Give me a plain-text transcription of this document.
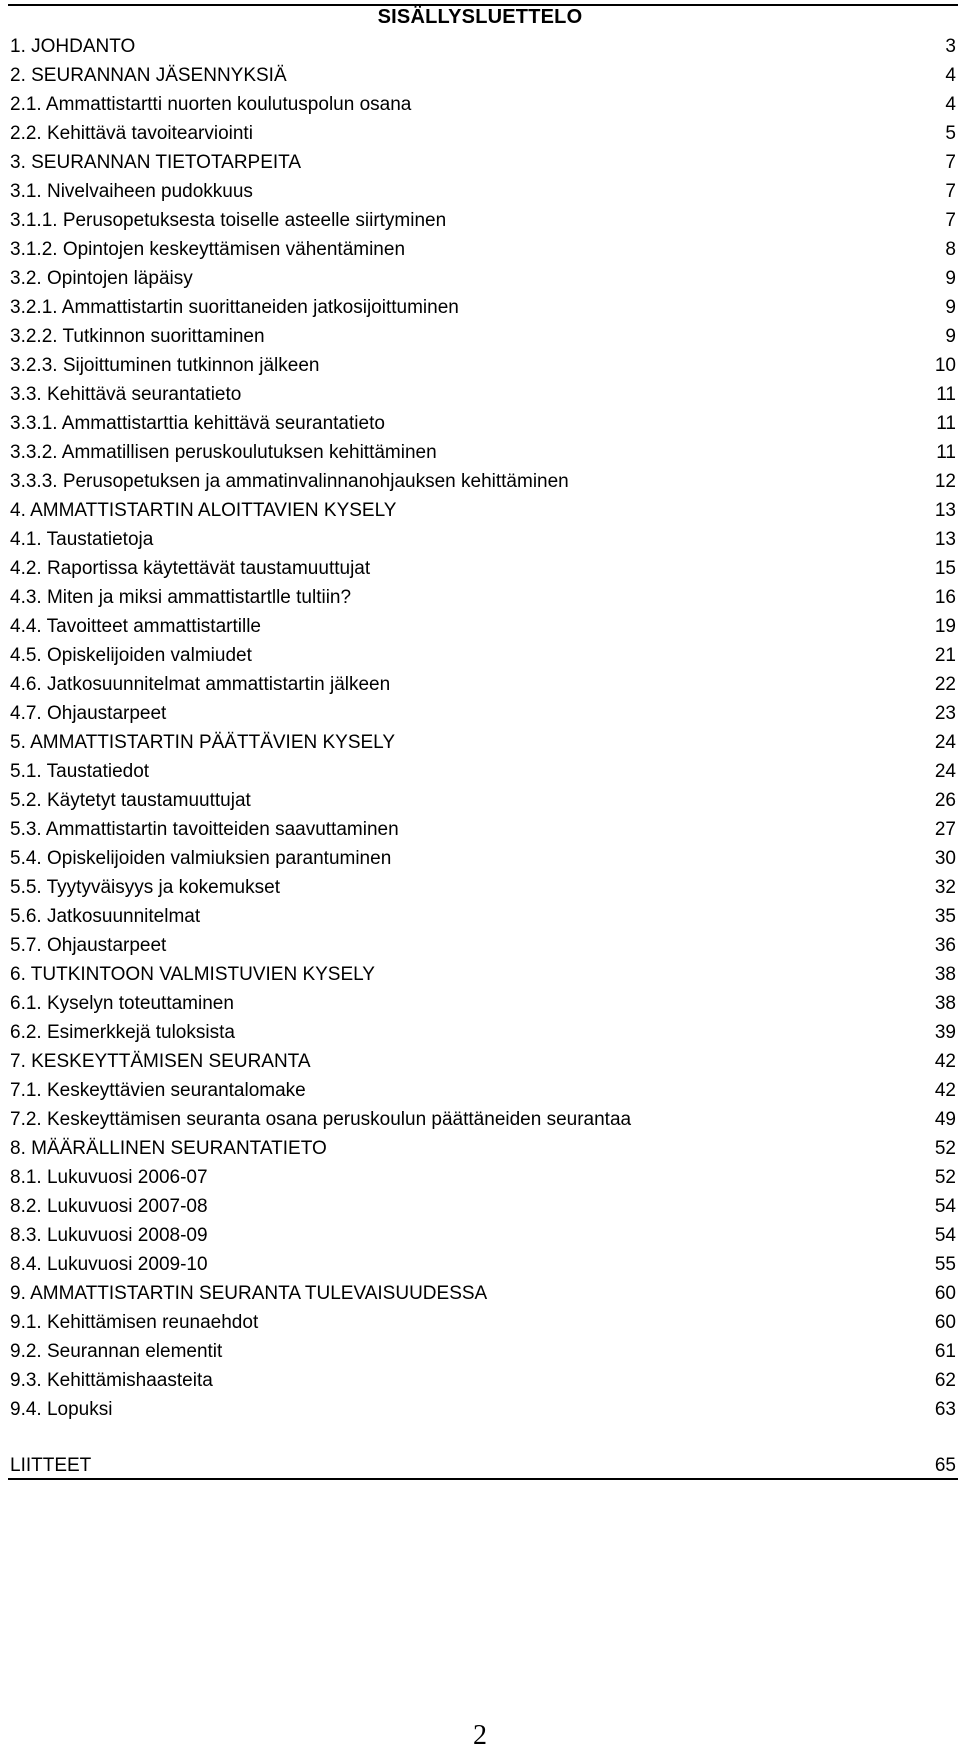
SISÄLLYSLUETTELO
1. JOHDANTO	3
2. SEURANNAN JÄSENNYKSIÄ	4
2.1. Ammattistartti nuorten koulutuspolun osana	4
2.2. Kehittävä tavoitearviointi	5
3. SEURANNAN TIETOTARPEITA	7
3.1. Nivelvaiheen pudokkuus	7
3.1.1. Perusopetuksesta toiselle asteelle siirtyminen	7
3.1.2. Opintojen keskeyttämisen vähentäminen	8
3.2. Opintojen läpäisy	9
3.2.1. Ammattistartin suorittaneiden jatkosijoittuminen	9
3.2.2. Tutkinnon suorittaminen	9
3.2.3. Sijoittuminen tutkinnon jälkeen	10
3.3. Kehittävä seurantatieto	11
3.3.1. Ammattistarttia kehittävä seurantatieto	11
3.3.2. Ammatillisen peruskoulutuksen kehittäminen	11
3.3.3. Perusopetuksen ja ammatinvalinnanohjauksen kehittäminen	12
4. AMMATTISTARTIN ALOITTAVIEN KYSELY	13
4.1. Taustatietoja	13
4.2. Raportissa käytettävät taustamuuttujat	15
4.3. Miten ja miksi ammattistartlle tultiin?	16
4.4. Tavoitteet ammattistartille	19
4.5. Opiskelijoiden valmiudet	21
4.6. Jatkosuunnitelmat ammattistartin jälkeen	22
4.7. Ohjaustarpeet	23
5. AMMATTISTARTIN PÄÄTTÄVIEN KYSELY	24
5.1. Taustatiedot	24
5.2. Käytetyt taustamuuttujat	26
5.3. Ammattistartin tavoitteiden saavuttaminen	27
5.4. Opiskelijoiden valmiuksien parantuminen	30
5.5. Tyytyväisyys ja kokemukset	32
5.6. Jatkosuunnitelmat	35
5.7. Ohjaustarpeet	36
6. TUTKINTOON VALMISTUVIEN KYSELY	38
6.1. Kyselyn toteuttaminen	38
6.2. Esimerkkejä tuloksista	39
7. KESKEYTTÄMISEN SEURANTA	42
7.1. Keskeyttävien seurantalomake	42
7.2. Keskeyttämisen seuranta osana peruskoulun päättäneiden seurantaa	49
8. MÄÄRÄLLINEN SEURANTATIETO	52
8.1. Lukuvuosi 2006-07	52
8.2. Lukuvuosi 2007-08	54
8.3. Lukuvuosi 2008-09	54
8.4. Lukuvuosi 2009-10	55
9. AMMATTISTARTIN SEURANTA TULEVAISUUDESSA	60
9.1. Kehittämisen reunaehdot	60
9.2. Seurannan elementit	61
9.3. Kehittämishaasteita	62
9.4. Lopuksi	63
LIITTEET	65
2
